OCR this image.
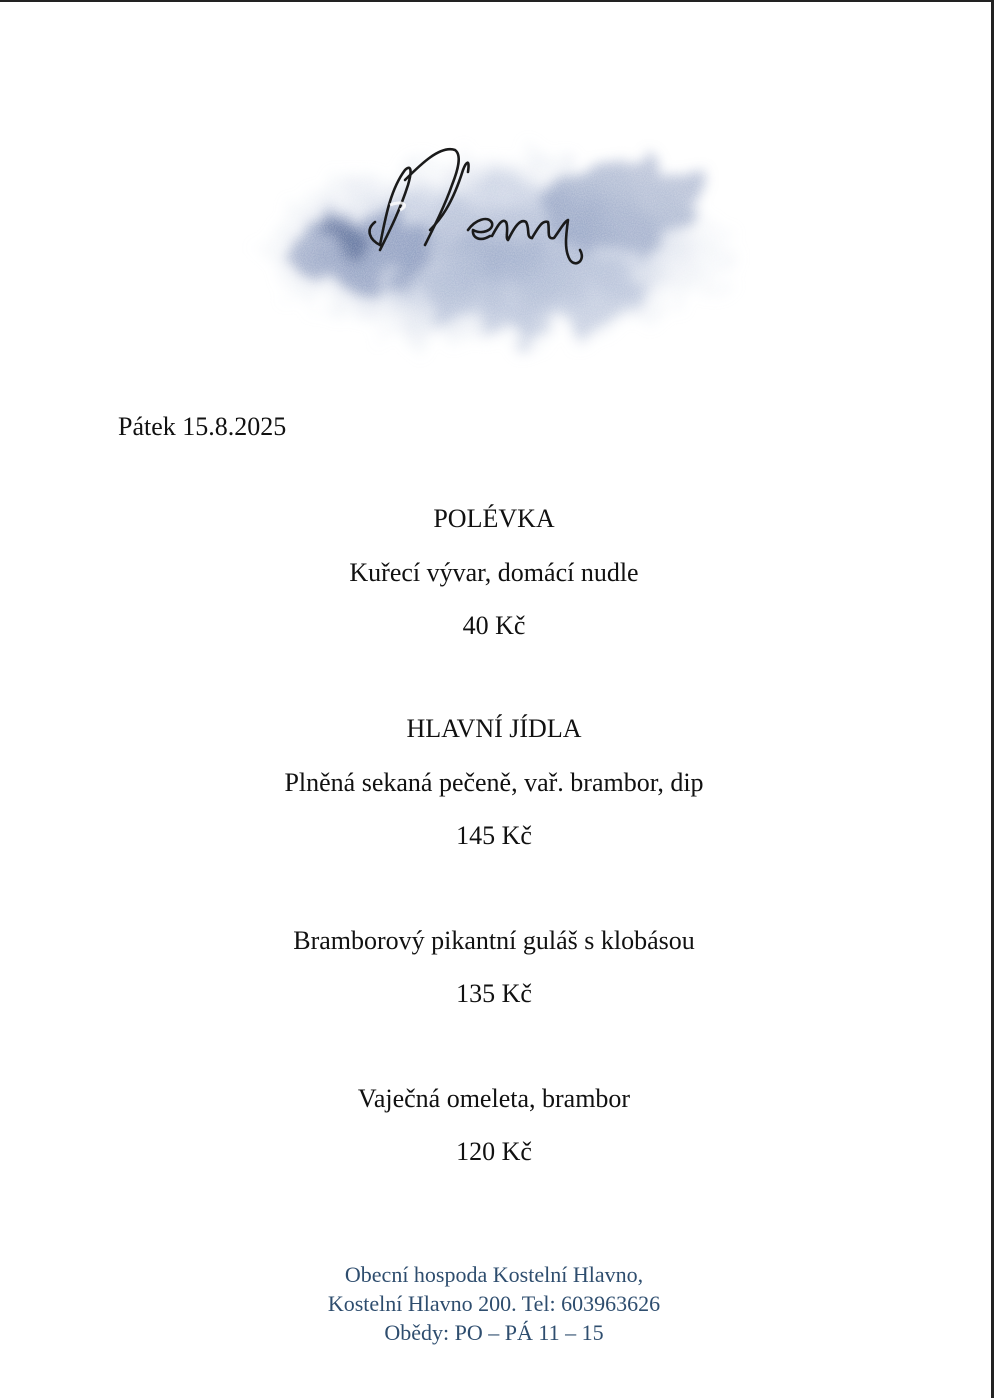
Pátek 15.8.2025
POLÉVKA
Kuřecí vývar, domácí nudle
40 Kč
HLAVNÍ JÍDLA
Plněná sekaná pečeně, vař. brambor, dip
145 Kč
Bramborový pikantní guláš s klobásou
135 Kč
Vaječná omeleta, brambor
120 Kč
Obecní hospoda Kostelní Hlavno,
Kostelní Hlavno 200. Tel: 603963626
Obědy: PO – PÁ 11 – 15
